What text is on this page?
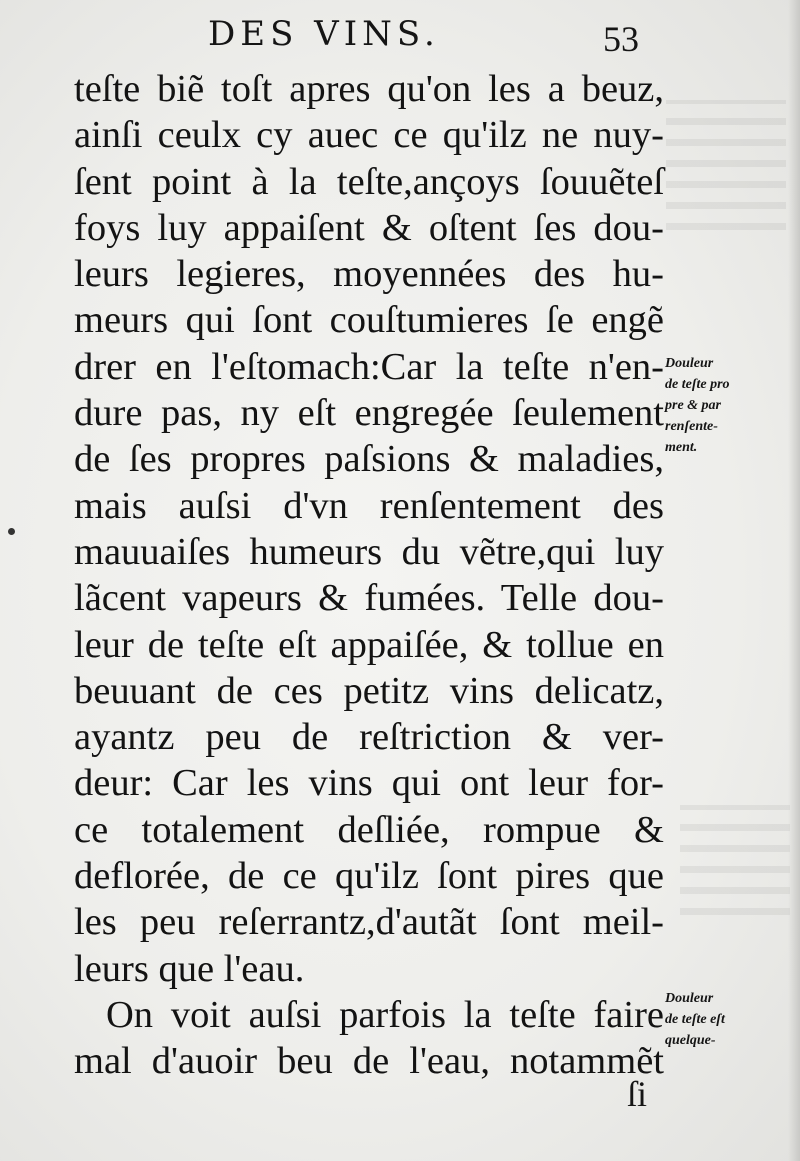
DES VINS.	53
teſte biẽ toſt apres qu'on les a beuz,
ainſi ceulx cy auec ce qu'ilz ne nuy-
ſent point à la teſte,ançoys ſouuẽteſ
foys luy appaiſent & oſtent ſes dou-
leurs legieres, moyennées des hu-
meurs qui ſont couſtumieres ſe engẽ
drer en l'eſtomach:Car la teſte n'en-
dure pas, ny eſt engregée ſeulement
de ſes propres paſsions & maladies,
mais auſsi d'vn renſentement des
mauuaiſes humeurs du vẽtre,qui luy
lãcent vapeurs & fumées. Telle dou-
leur de teſte eſt appaiſée, & tollue en
beuuant de ces petitz vins delicatz,
ayantz peu de reſtriction & ver-
deur: Car les vins qui ont leur for-
ce totalement deſliée, rompue &
deflorée, de ce qu'ilz ſont pires que
les peu reſerrantz,d'autãt ſont meil-
leurs que l'eau.
On voit auſsi parfois la teſte faire
mal d'auoir beu de l'eau, notammẽt
Douleur
de teſte pro
pre & par
renſente-
ment.
Douleur
de teſte eſt
quelque-
ſi
